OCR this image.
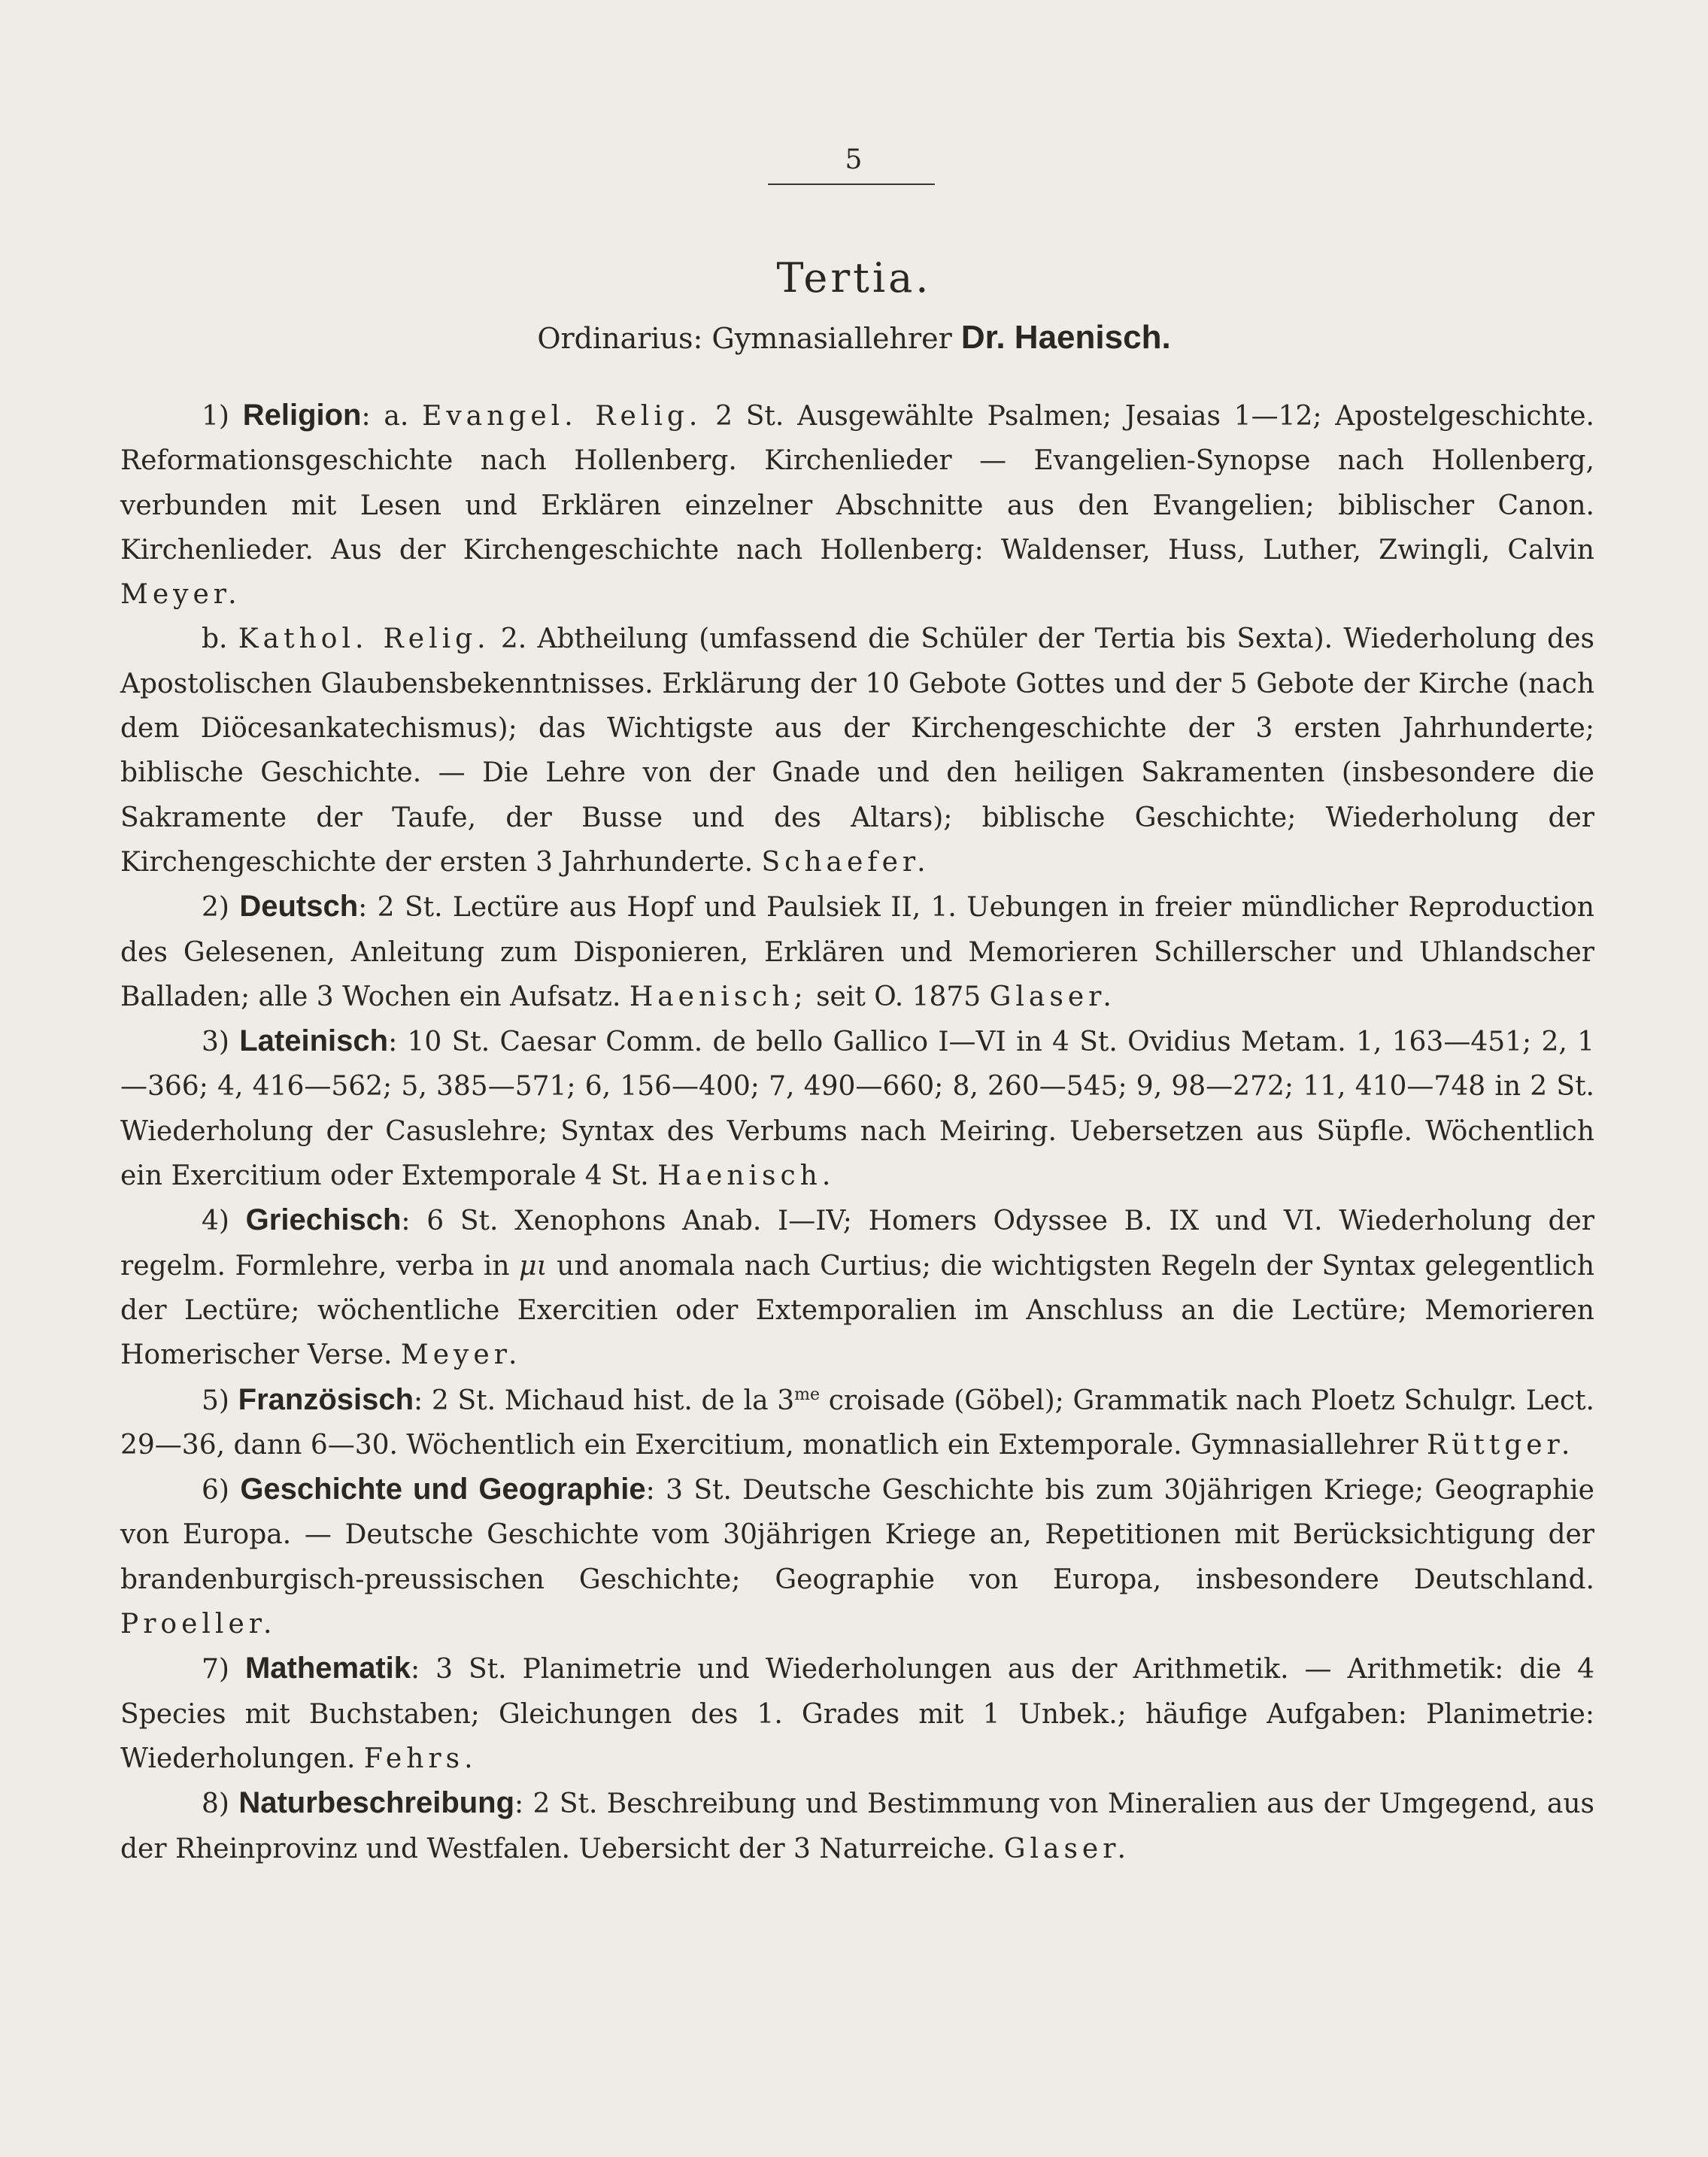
5
Tertia.
Ordinarius: Gymnasiallehrer Dr. Haenisch.

1) Religion: a. Evangel. Relig. 2 St. Ausgewählte Psalmen; Jesaias 1—12; Apostelgeschichte. Reformationsgeschichte nach Hollenberg. Kirchenlieder — Evangelien-Synopse nach Hollenberg, verbunden mit Lesen und Erklären einzelner Abschnitte aus den Evangelien; biblischer Canon. Kirchenlieder. Aus der Kirchengeschichte nach Hollenberg: Waldenser, Huss, Luther, Zwingli, Calvin Meyer.

b. Kathol. Relig. 2. Abtheilung (umfassend die Schüler der Tertia bis Sexta). Wiederholung des Apostolischen Glaubensbekenntnisses. Erklärung der 10 Gebote Gottes und der 5 Gebote der Kirche (nach dem Diöcesankatechismus); das Wichtigste aus der Kirchengeschichte der 3 ersten Jahrhunderte; biblische Geschichte. — Die Lehre von der Gnade und den heiligen Sakramenten (insbesondere die Sakramente der Taufe, der Busse und des Altars); biblische Geschichte; Wiederholung der Kirchengeschichte der ersten 3 Jahrhunderte. Schaefer.

2) Deutsch: 2 St. Lectüre aus Hopf und Paulsiek II, 1. Uebungen in freier mündlicher Reproduction des Gelesenen, Anleitung zum Disponieren, Erklären und Memorieren Schillerscher und Uhlandscher Balladen; alle 3 Wochen ein Aufsatz. Haenisch; seit O. 1875 Glaser.

3) Lateinisch: 10 St. Caesar Comm. de bello Gallico I—VI in 4 St. Ovidius Metam. 1, 163—451; 2, 1—366; 4, 416—562; 5, 385—571; 6, 156—400; 7, 490—660; 8, 260—545; 9, 98—272; 11, 410—748 in 2 St. Wiederholung der Casuslehre; Syntax des Verbums nach Meiring. Uebersetzen aus Süpfle. Wöchentlich ein Exercitium oder Extemporale 4 St. Haenisch.

4) Griechisch: 6 St. Xenophons Anab. I—IV; Homers Odyssee B. IX und VI. Wiederholung der regelm. Formlehre, verba in μι und anomala nach Curtius; die wichtigsten Regeln der Syntax gelegentlich der Lectüre; wöchentliche Exercitien oder Extemporalien im Anschluss an die Lectüre; Memorieren Homerischer Verse. Meyer.

5) Französisch: 2 St. Michaud hist. de la $3^{me}$ croisade (Göbel); Grammatik nach Ploetz Schulgr. Lect. 29—36, dann 6—30. Wöchentlich ein Exercitium, monatlich ein Extemporale. Gymnasiallehrer Rüttger.

6) Geschichte und Geographie: 3 St. Deutsche Geschichte bis zum 30jährigen Kriege; Geographie von Europa. — Deutsche Geschichte vom 30jährigen Kriege an, Repetitionen mit Berücksichtigung der brandenburgisch-preussischen Geschichte; Geographie von Europa, insbesondere Deutschland. Proeller.

7) Mathematik: 3 St. Planimetrie und Wiederholungen aus der Arithmetik. — Arithmetik: die 4 Species mit Buchstaben; Gleichungen des 1. Grades mit 1 Unbek.; häufige Aufgaben: Planimetrie: Wiederholungen. Fehrs.

8) Naturbeschreibung: 2 St. Beschreibung und Bestimmung von Mineralien aus der Umgegend, aus der Rheinprovinz und Westfalen. Uebersicht der 3 Naturreiche. Glaser.
